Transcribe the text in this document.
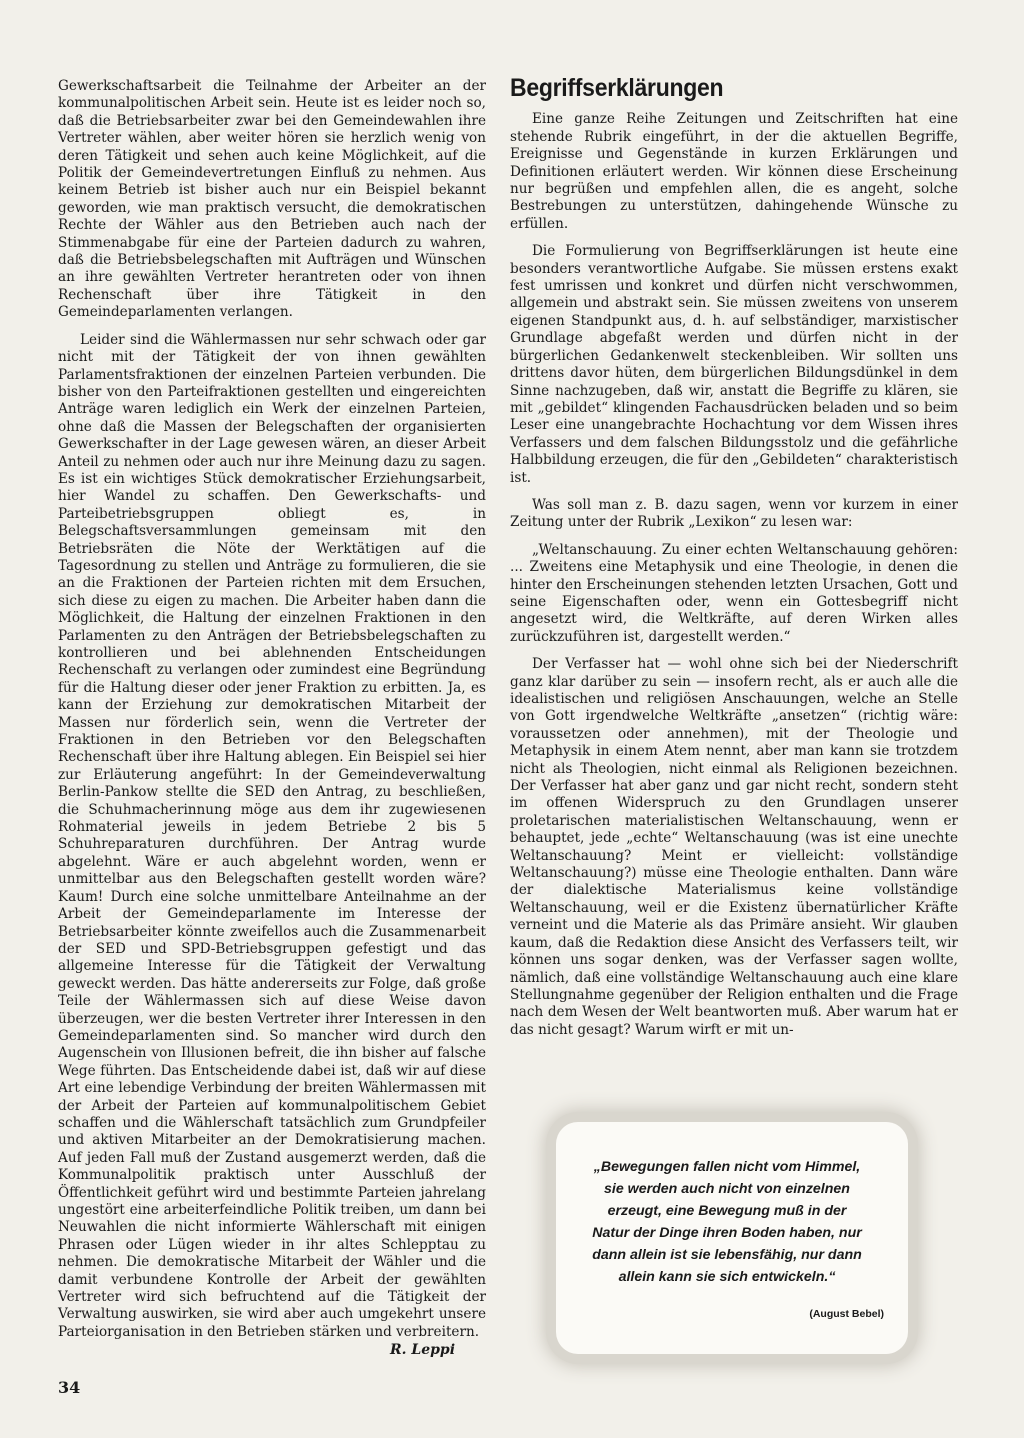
Gewerkschaftsarbeit die Teilnahme der Arbeiter an der kommunalpolitischen Arbeit sein. Heute ist es leider noch so, daß die Betriebsarbeiter zwar bei den Gemeindewahlen ihre Vertreter wählen, aber weiter hören sie herzlich wenig von deren Tätigkeit und sehen auch keine Möglichkeit, auf die Politik der Gemeindevertretungen Einfluß zu nehmen. Aus keinem Betrieb ist bisher auch nur ein Beispiel bekannt geworden, wie man praktisch versucht, die demokratischen Rechte der Wähler aus den Betrieben auch nach der Stimmenabgabe für eine der Parteien dadurch zu wahren, daß die Betriebsbelegschaften mit Aufträgen und Wünschen an ihre gewählten Vertreter herantreten oder von ihnen Rechenschaft über ihre Tätigkeit in den Gemeindeparlamenten verlangen.

Leider sind die Wählermassen nur sehr schwach oder gar nicht mit der Tätigkeit der von ihnen gewählten Parlamentsfraktionen der einzelnen Parteien verbunden. Die bisher von den Parteifraktionen gestellten und eingereichten Anträge waren lediglich ein Werk der einzelnen Parteien, ohne daß die Massen der Belegschaften der organisierten Gewerkschafter in der Lage gewesen wären, an dieser Arbeit Anteil zu nehmen oder auch nur ihre Meinung dazu zu sagen. Es ist ein wichtiges Stück demokratischer Erziehungsarbeit, hier Wandel zu schaffen. Den Gewerkschafts- und Parteibetriebsgruppen obliegt es, in Belegschaftsversammlungen gemeinsam mit den Betriebsräten die Nöte der Werktätigen auf die Tagesordnung zu stellen und Anträge zu formulieren, die sie an die Fraktionen der Parteien richten mit dem Ersuchen, sich diese zu eigen zu machen. Die Arbeiter haben dann die Möglichkeit, die Haltung der einzelnen Fraktionen in den Parlamenten zu den Anträgen der Betriebsbelegschaften zu kontrollieren und bei ablehnenden Entscheidungen Rechenschaft zu verlangen oder zumindest eine Begründung für die Haltung dieser oder jener Fraktion zu erbitten. Ja, es kann der Erziehung zur demokratischen Mitarbeit der Massen nur förderlich sein, wenn die Vertreter der Fraktionen in den Betrieben vor den Belegschaften Rechenschaft über ihre Haltung ablegen. Ein Beispiel sei hier zur Erläuterung angeführt: In der Gemeindeverwaltung Berlin-Pankow stellte die SED den Antrag, zu beschließen, die Schuhmacherinnung möge aus dem ihr zugewiesenen Rohmaterial jeweils in jedem Betriebe 2 bis 5 Schuhreparaturen durchführen. Der Antrag wurde abgelehnt. Wäre er auch abgelehnt worden, wenn er unmittelbar aus den Belegschaften gestellt worden wäre? Kaum! Durch eine solche unmittelbare Anteilnahme an der Arbeit der Gemeindeparlamente im Interesse der Betriebsarbeiter könnte zweifellos auch die Zusammenarbeit der SED und SPD-Betriebsgruppen gefestigt und das allgemeine Interesse für die Tätigkeit der Verwaltung geweckt werden. Das hätte andererseits zur Folge, daß große Teile der Wählermassen sich auf diese Weise davon überzeugen, wer die besten Vertreter ihrer Interessen in den Gemeindeparlamenten sind. So mancher wird durch den Augenschein von Illusionen befreit, die ihn bisher auf falsche Wege führten. Das Entscheidende dabei ist, daß wir auf diese Art eine lebendige Verbindung der breiten Wählermassen mit der Arbeit der Parteien auf kommunalpolitischem Gebiet schaffen und die Wählerschaft tatsächlich zum Grundpfeiler und aktiven Mitarbeiter an der Demokratisierung machen. Auf jeden Fall muß der Zustand ausgemerzt werden, daß die Kommunalpolitik praktisch unter Ausschluß der Öffentlichkeit geführt wird und bestimmte Parteien jahrelang ungestört eine arbeiterfeindliche Politik treiben, um dann bei Neuwahlen die nicht informierte Wählerschaft mit einigen Phrasen oder Lügen wieder in ihr altes Schlepptau zu nehmen. Die demokratische Mitarbeit der Wähler und die damit verbundene Kontrolle der Arbeit der gewählten Vertreter wird sich befruchtend auf die Tätigkeit der Verwaltung auswirken, sie wird aber auch umgekehrt unsere Parteiorganisation in den Betrieben stärken und verbreitern.

R. Leppi
Begriffserklärungen

Eine ganze Reihe Zeitungen und Zeitschriften hat eine stehende Rubrik eingeführt, in der die aktuellen Begriffe, Ereignisse und Gegenstände in kurzen Erklärungen und Definitionen erläutert werden. Wir können diese Erscheinung nur begrüßen und empfehlen allen, die es angeht, solche Bestrebungen zu unterstützen, dahingehende Wünsche zu erfüllen.

Die Formulierung von Begriffserklärungen ist heute eine besonders verantwortliche Aufgabe. Sie müssen erstens exakt fest umrissen und konkret und dürfen nicht verschwommen, allgemein und abstrakt sein. Sie müssen zweitens von unserem eigenen Standpunkt aus, d. h. auf selbständiger, marxistischer Grundlage abgefaßt werden und dürfen nicht in der bürgerlichen Gedankenwelt steckenbleiben. Wir sollten uns drittens davor hüten, dem bürgerlichen Bildungsdünkel in dem Sinne nachzugeben, daß wir, anstatt die Begriffe zu klären, sie mit „gebildet“ klingenden Fachausdrücken beladen und so beim Leser eine unangebrachte Hochachtung vor dem Wissen ihres Verfassers und dem falschen Bildungsstolz und die gefährliche Halbbildung erzeugen, die für den „Gebildeten“ charakteristisch ist.

Was soll man z. B. dazu sagen, wenn vor kurzem in einer Zeitung unter der Rubrik „Lexikon“ zu lesen war:

„Weltanschauung. Zu einer echten Weltanschauung gehören: ... Zweitens eine Metaphysik und eine Theologie, in denen die hinter den Erscheinungen stehenden letzten Ursachen, Gott und seine Eigenschaften oder, wenn ein Gottesbegriff nicht angesetzt wird, die Weltkräfte, auf deren Wirken alles zurückzuführen ist, dargestellt werden.“

Der Verfasser hat — wohl ohne sich bei der Niederschrift ganz klar darüber zu sein — insofern recht, als er auch alle die idealistischen und religiösen Anschauungen, welche an Stelle von Gott irgendwelche Weltkräfte „ansetzen“ (richtig wäre: voraussetzen oder annehmen), mit der Theologie und Metaphysik in einem Atem nennt, aber man kann sie trotzdem nicht als Theologien, nicht einmal als Religionen bezeichnen. Der Verfasser hat aber ganz und gar nicht recht, sondern steht im offenen Widerspruch zu den Grundlagen unserer proletarischen materialistischen Weltanschauung, wenn er behauptet, jede „echte“ Weltanschauung (was ist eine unechte Weltanschauung? Meint er vielleicht: vollständige Weltanschauung?) müsse eine Theologie enthalten. Dann wäre der dialektische Materialismus keine vollständige Weltanschauung, weil er die Existenz übernatürlicher Kräfte verneint und die Materie als das Primäre ansieht. Wir glauben kaum, daß die Redaktion diese Ansicht des Verfassers teilt, wir können uns sogar denken, was der Verfasser sagen wollte, nämlich, daß eine vollständige Weltanschauung auch eine klare Stellungnahme gegenüber der Religion enthalten und die Frage nach dem Wesen der Welt beantworten muß. Aber warum hat er das nicht gesagt? Warum wirft er mit un-

„Bewegungen fallen nicht vom Himmel, sie werden auch nicht von einzelnen erzeugt, eine Bewegung muß in der Natur der Dinge ihren Boden haben, nur dann allein ist sie lebensfähig, nur dann allein kann sie sich entwickeln.“
(August Bebel)
34
